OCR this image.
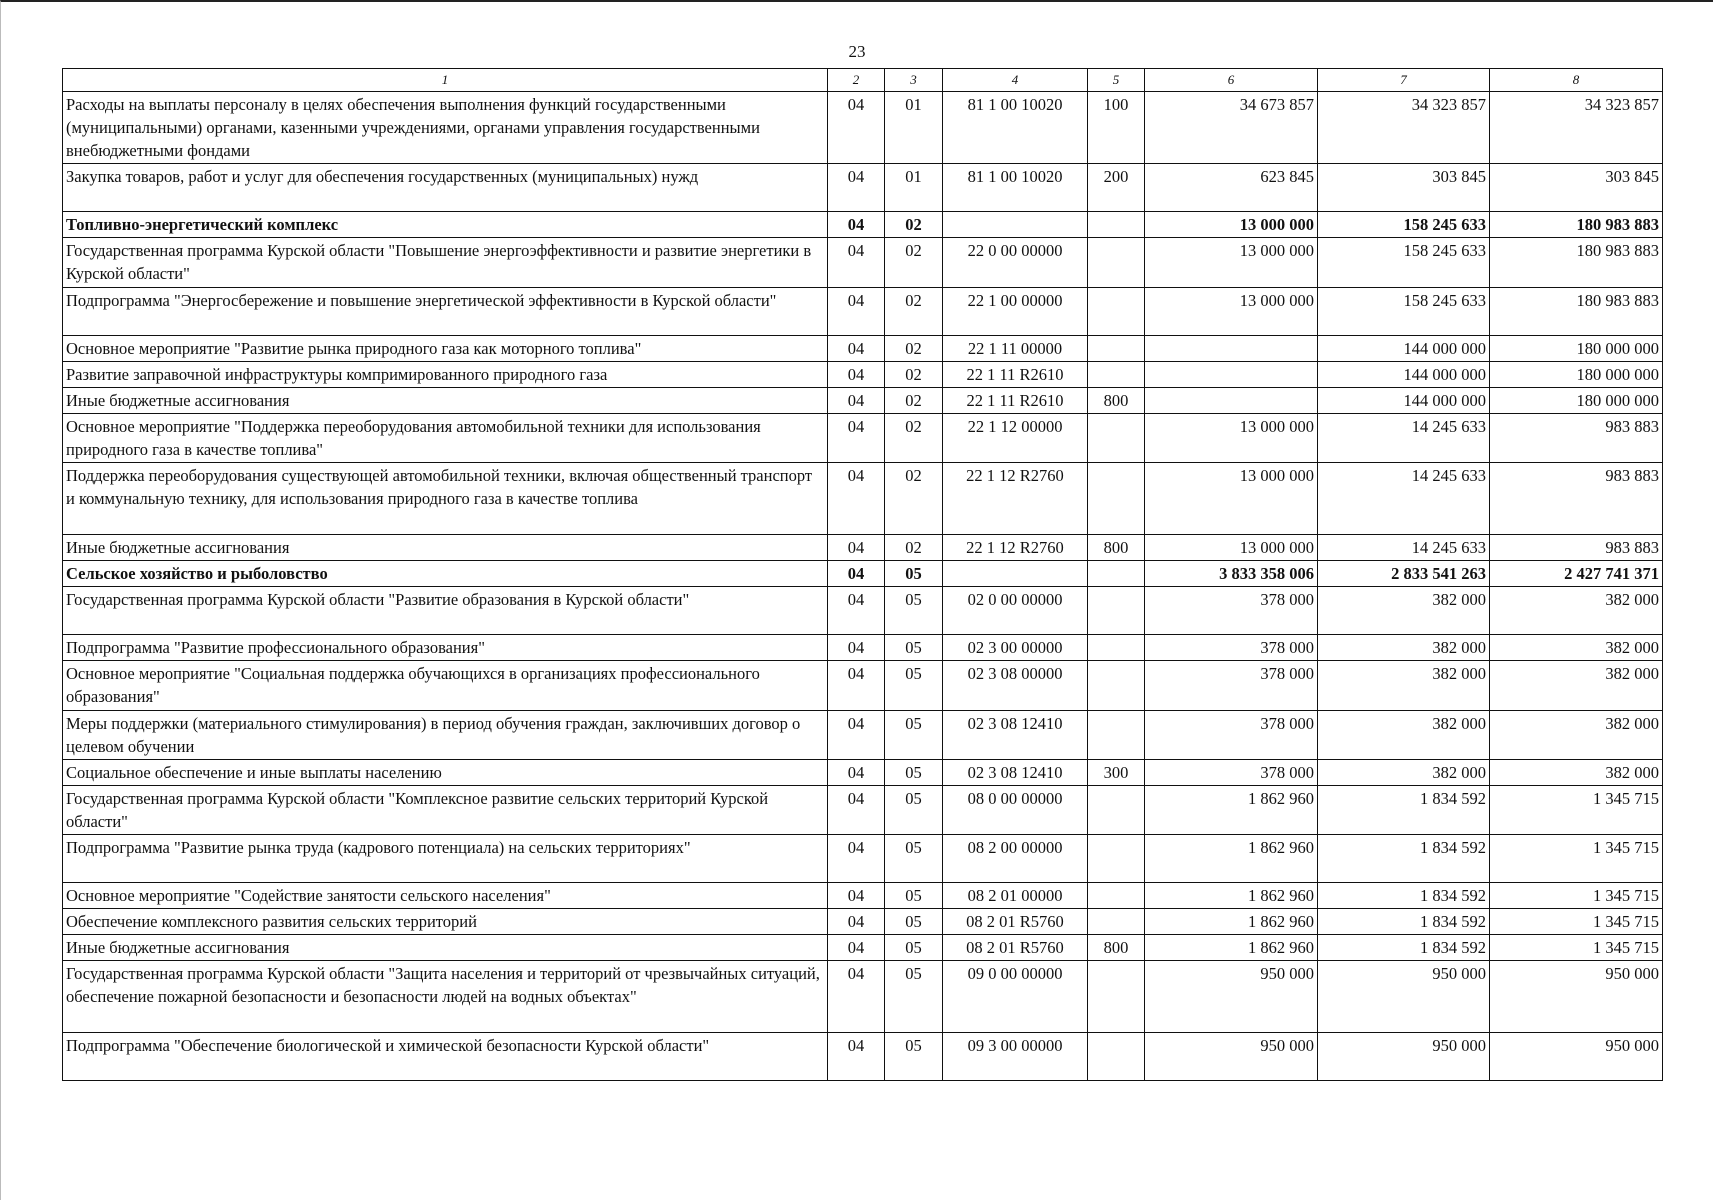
23
1	2	3	4	5	6	7	8
Расходы на выплаты персоналу в целях обеспечения выполнения функций государственными (муниципальными) органами, казенными учреждениями, органами управления государственными внебюджетными фондами	04	01	81 1 00 10020	100	34 673 857	34 323 857	34 323 857
Закупка товаров, работ и услуг для обеспечения государственных (муниципальных) нужд	04	01	81 1 00 10020	200	623 845	303 845	303 845
Топливно-энергетический комплекс	04	02			13 000 000	158 245 633	180 983 883
Государственная программа Курской области "Повышение энергоэффективности и развитие энергетики в Курской области"	04	02	22 0 00 00000		13 000 000	158 245 633	180 983 883
Подпрограмма "Энергосбережение и повышение энергетической эффективности в Курской области"	04	02	22 1 00 00000		13 000 000	158 245 633	180 983 883
Основное мероприятие "Развитие рынка природного газа как моторного топлива"	04	02	22 1 11 00000			144 000 000	180 000 000
Развитие заправочной инфраструктуры компримированного природного газа	04	02	22 1 11 R2610			144 000 000	180 000 000
Иные бюджетные ассигнования	04	02	22 1 11 R2610	800		144 000 000	180 000 000
Основное мероприятие "Поддержка переоборудования автомобильной техники для использования природного газа в качестве топлива"	04	02	22 1 12 00000		13 000 000	14 245 633	983 883
Поддержка переоборудования существующей автомобильной техники, включая общественный транспорт и коммунальную технику, для использования природного газа в качестве топлива	04	02	22 1 12 R2760		13 000 000	14 245 633	983 883
Иные бюджетные ассигнования	04	02	22 1 12 R2760	800	13 000 000	14 245 633	983 883
Сельское хозяйство и рыболовство	04	05			3 833 358 006	2 833 541 263	2 427 741 371
Государственная программа Курской области "Развитие образования в Курской области"	04	05	02 0 00 00000		378 000	382 000	382 000
Подпрограмма "Развитие профессионального образования"	04	05	02 3 00 00000		378 000	382 000	382 000
Основное мероприятие "Социальная поддержка обучающихся в организациях профессионального образования"	04	05	02 3 08 00000		378 000	382 000	382 000
Меры поддержки (материального стимулирования) в период обучения граждан, заключивших договор о целевом обучении	04	05	02 3 08 12410		378 000	382 000	382 000
Социальное обеспечение и иные выплаты населению	04	05	02 3 08 12410	300	378 000	382 000	382 000
Государственная программа Курской области "Комплексное развитие сельских территорий Курской области"	04	05	08 0 00 00000		1 862 960	1 834 592	1 345 715
Подпрограмма "Развитие рынка труда (кадрового потенциала) на сельских территориях"	04	05	08 2 00 00000		1 862 960	1 834 592	1 345 715
Основное мероприятие "Содействие занятости сельского населения"	04	05	08 2 01 00000		1 862 960	1 834 592	1 345 715
Обеспечение комплексного развития сельских территорий	04	05	08 2 01 R5760		1 862 960	1 834 592	1 345 715
Иные бюджетные ассигнования	04	05	08 2 01 R5760	800	1 862 960	1 834 592	1 345 715
Государственная программа Курской области "Защита населения и территорий от чрезвычайных ситуаций, обеспечение пожарной безопасности и безопасности людей на водных объектах"	04	05	09 0 00 00000		950 000	950 000	950 000
Подпрограмма "Обеспечение биологической и химической безопасности Курской области"	04	05	09 3 00 00000		950 000	950 000	950 000
